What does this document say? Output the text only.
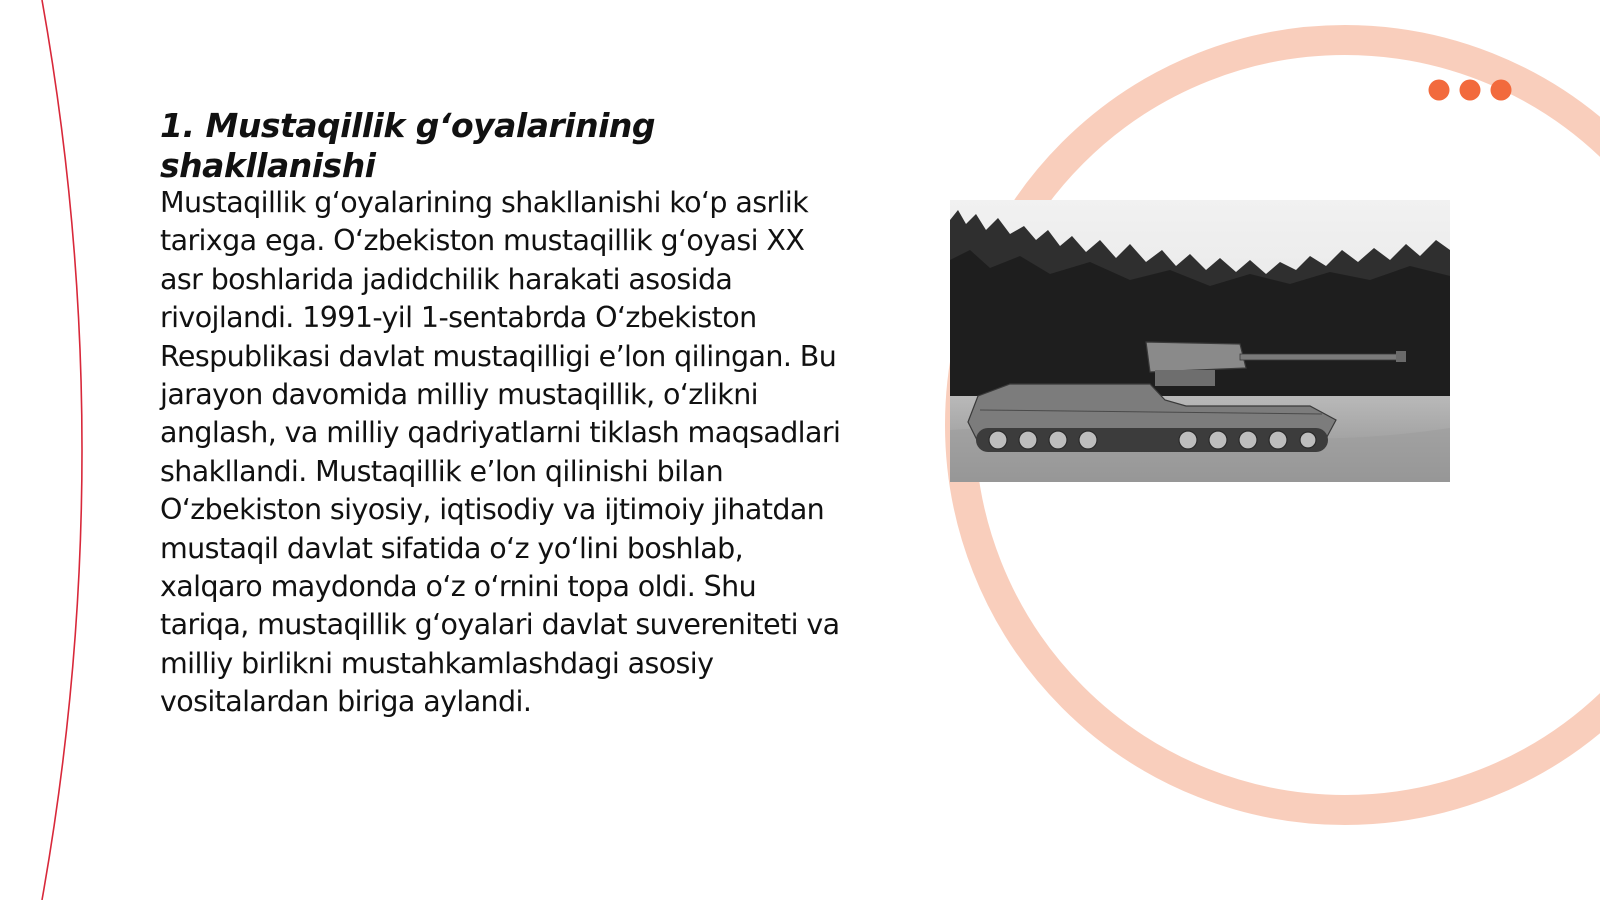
1. Mustaqillik g‘oyalarining shakllanishi

Mustaqillik g‘oyalarining shakllanishi ko‘p asrlik tarixga ega. O‘zbekiston mustaqillik g‘oyasi XX asr boshlarida jadidchilik harakati asosida rivojlandi. 1991-yil 1-sentabrda O‘zbekiston Respublikasi davlat mustaqilligi e’lon qilingan. Bu jarayon davomida milliy mustaqillik, o‘zlikni anglash, va milliy qadriyatlarni tiklash maqsadlari shakllandi. Mustaqillik e’lon qilinishi bilan O‘zbekiston siyosiy, iqtisodiy va ijtimoiy jihatdan mustaqil davlat sifatida o‘z yo‘lini boshlab, xalqaro maydonda o‘z o‘rnini topa oldi. Shu tariqa, mustaqillik g‘oyalari davlat suvereniteti va milliy birlikni mustahkamlashdagi asosiy vositalardan biriga aylandi.
